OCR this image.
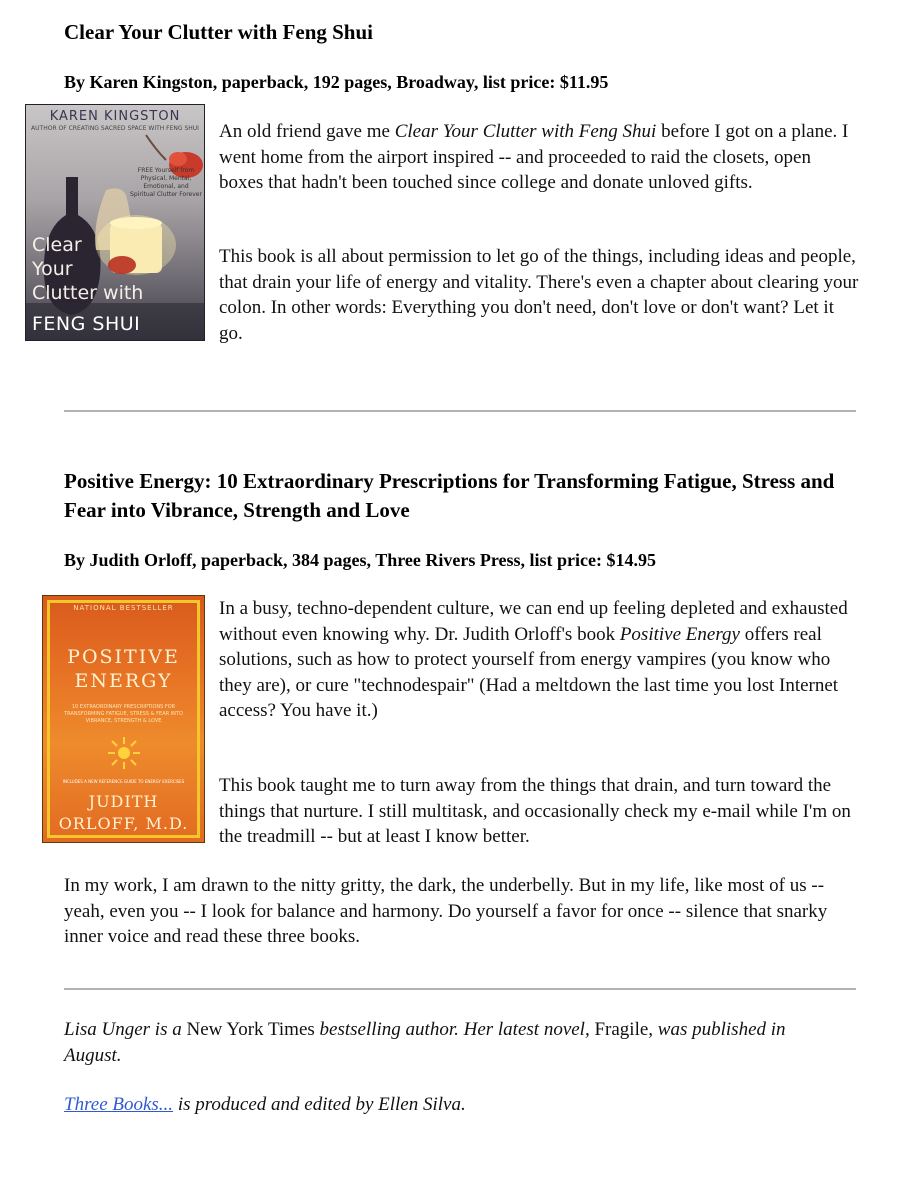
Clear Your Clutter with Feng Shui

By Karen Kingston, paperback, 192 pages, Broadway, list price: $11.95

KAREN KINGSTON
AUTHOR OF CREATING SACRED SPACE WITH FENG SHUI
FREE Yourself from Physical, Mental, Emotional, and Spiritual Clutter Forever
Clear
Your
Clutter with
FENG SHUI

An old friend gave me Clear Your Clutter with Feng Shui before I got on a plane. I went home from the airport inspired -- and proceeded to raid the closets, open boxes that hadn't been touched since college and donate unloved gifts.

This book is all about permission to let go of the things, including ideas and people, that drain your life of energy and vitality. There's even a chapter about clearing your colon. In other words: Everything you don't need, don't love or don't want? Let it go.

Positive Energy: 10 Extraordinary Prescriptions for Transforming Fatigue, Stress and Fear into Vibrance, Strength and Love

By Judith Orloff, paperback, 384 pages, Three Rivers Press, list price: $14.95

NATIONAL BESTSELLER
POSITIVE
ENERGY
10 EXTRAORDINARY PRESCRIPTIONS FOR TRANSFORMING FATIGUE, STRESS & FEAR INTO VIBRANCE, STRENGTH & LOVE
INCLUDES A NEW REFERENCE GUIDE TO ENERGY EXERCISES
JUDITH
ORLOFF, M.D.

In a busy, techno-dependent culture, we can end up feeling depleted and exhausted without even knowing why. Dr. Judith Orloff's book Positive Energy offers real solutions, such as how to protect yourself from energy vampires (you know who they are), or cure "technodespair" (Had a meltdown the last time you lost Internet access? You have it.)

This book taught me to turn away from the things that drain, and turn toward the things that nurture. I still multitask, and occasionally check my e-mail while I'm on the treadmill -- but at least I know better.

In my work, I am drawn to the nitty gritty, the dark, the underbelly. But in my life, like most of us -- yeah, even you -- I look for balance and harmony. Do yourself a favor for once -- silence that snarky inner voice and read these three books.

Lisa Unger is a New York Times bestselling author. Her latest novel, Fragile, was published in August.

Three Books... is produced and edited by Ellen Silva.
